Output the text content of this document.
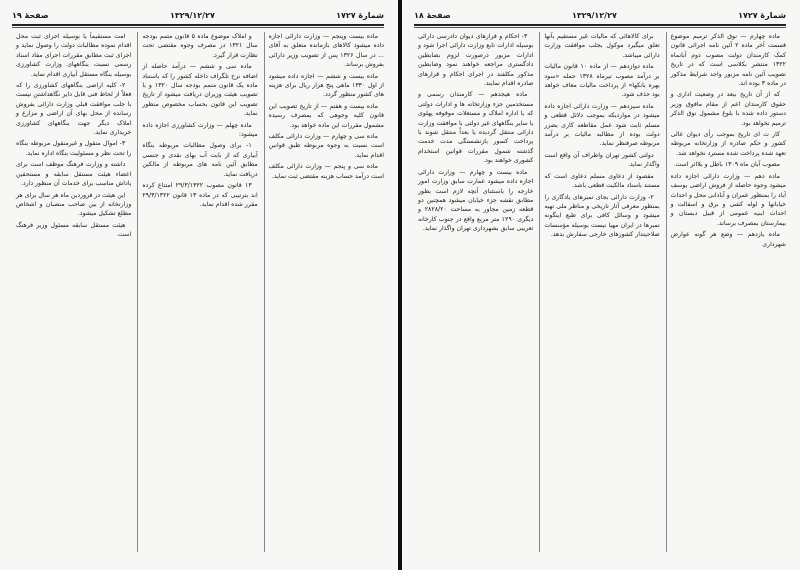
شمارهٔ ۱۷۲۷
۱۳۲۹/۱۲/۲۷
صفحهٔ ۱۹

ماده بیست وپنجم — وزارت دارائی اجازه داده میشود کالاهای بازمانده متعلق به آقای ... در سال ۱۳۲۶ پس از تصویب وزیر دارائی بفروش برساند.

ماده بیست و ششم — اجازه داده میشود از اول ۱۳۳۰ ماهی پنج هزار ریال برای هزینه های کشور منظور گردد.

ماده بیست و هفتم — از تاریخ تصویب این قانون کلیه وجوهی که بمصرف رسیده مشمول مقررات این ماده خواهد بود.

ماده سی و چهارم — وزارت دارائی مکلف است نسبت به وجوه مربوطه طبق قوانین اقدام نماید.

ماده سی و پنجم — وزارت دارائی مکلف است درآمد حساب هزینه مقتضی ثبت نماید.

و املاک موضوع ماده ۵ قانون متمم بودجه سال ۱۳۲۱ در مصرف وجوه مقتضی تحت نظارت قرار گیرد.

ماده سی و ششم — درآمد حاصله از اضافه نرخ تلگراف داخله کشور را که باستناد ماده یک قانون متمم بودجه سال ۱۳۲۰ و با تصویب هیئت وزیران دریافت میشود از تاریخ تصویب این قانون بحساب مخصوص منظور نماید.

ماده چهلم — وزارت کشاورزی اجازه داده میشود:

۱- برای وصول مطالبات مربوطه بنگاه آبیاری که از بابت آب بهای نقدی و جنسی مطابق آئین نامه های مربوطه از مالکین دریافت نماید.

۱۳ قانون مصوب ۲۹/۳/۱۳۲۲ امتناع کرده اند بترتیبی که در ماده ۱۳ قانون ۲۹/۳/۱۳۲۲ مقرر شده اقدام نماید.

امت مستقیماً یا بوسیله اجرای ثبت محل اقدام نموده مطالبات دولت را وصول نماید و اجرای ثبت مطابق مقررات اجرای مفاد اسناد رسمی نسبت بنگاههای وزارت کشاورزی بوسیله بنگاه مستقل آبیاری اقدام نماید.

۲- کلیه اراضی بنگاههای کشاورزی را که فعلاً از لحاظ فنی قابل دایر نگاهداشتن نیست با جلب موافقت قبلی وزارت دارائی بفروش رسانده از محل بهای آن اراضی و مزارع و املاک دیگر جهت بنگاههای کشاورزی خریداری نماید.

۳- اموال منقول و غیرمنقول مربوطه بنگاه را تحت نظر و مسئولیت بنگاه اداره نماید.

داشته و وزارت فرهنگ موظف است برای اعضاء هیئت مستقل سابقه و مستحقین پاداش مناسب برای خدمات آن منظور دارد.

این هیئت در فروردین ماه هر سال برای هر وزارتخانه از بین صاحب منصبان و اشخاص مطلع تشکیل میشود.

هیئت مستقل سابقه مسئول وزیر فرهنگ است.

شمارهٔ ۱۷۲۷
۱۳۲۹/۱۲/۲۷
صفحهٔ ۱۸

ماده چهارم — نوق الذکر ترمیم موضوع قسمت آخر ماده ۲ آئین نامه اجرائی قانون کمک کارمندان دولت مصوب دوم آبانماه ۱۳۲۲ منتشر بکلاسی است که در تاریخ تصویب آئین نامه مزبور واجد شرایط مذکور در ماده ۳ بوده اند.

که از آن تاریخ ببعد در وضعیت اداری و حقوق کارمندان اعم از مقام مافوق وزیر دستور داده شده با بلوغ مشمول نوق الذکر ترمیم نخواهد بود.

کار ت ای تاریخ بموجب رأی دیوان عالی کشور و حکم صادره از وزارتخانه مربوطه تعهد شده پرداخت شده مسترد نخواهد شد.

مصوب آبان ماه ۱۳۰۹ باطل و بلااثر است.

ماده دهم — وزارت دارائی اجازه داده میشود وجوه حاصله از فروش اراضی یوسف آباد را بمنظور عمران و آبادانی محل و احداث خیابانها و لوله کشی و برق و اسفالت و احداث ابنیه عمومی از قبیل دبستان و بیمارستان بمصرف برساند.

ماده یازدهم — وضع هر گونه عوارض شهرداری

برای کالاهائی که مالیات غیر مستقیم بآنها تعلق میگیرد موکول بجلب موافقت وزارت دارائی میباشد.

ماده دوازدهم — از ماده ۱۰ قانون مالیات بر درآمد مصوب تیرماه ۱۳۲۸ جمله «سود بهره بانکها» از پرداخت مالیات معاف خواهد بود حذف شود.

ماده سیزدهم — وزارت دارائی اجازه داده میشود در مواردیکه بموجب دلائل قطعی و مسلم ثابت شود عمل مقاطعه کاری بضرر دولت بوده از مطالبه مالیات بر درآمد مربوطه صرفنظر نماید.

دولتی کشور تهران واطراف آن واقع است واگذار نماید.

مقصود از دعاوی مسلم دعاوی است که مستند باسناد مالکیت قطعی باشد.

۲- وزارت دارائی بجای تمبرهای یادگاری را بمنظور معرفی آثار تاریخی و مناظر ملی تهیه میشود و وسائل کافی برای طبع اینگونه تمبرها در ایران مهیا نیست بوسیله مؤسسات صلاحیتدار کشورهای خارجی سفارش بدهد.

۳- احکام و قرارهای دیوان دادرسی دارائی بوسیله ادارات تابع وزارت دارائی اجرا شود و ادارات مزبور درصورت لزوم بضابطین دادگستری مراجعه خواهند نمود وضابطین مذکور مکلفند در اجرای احکام و قرارهای صادره اقدام نمایند.

ماده هیجدهم — کارمندان رسمی و مستخدمین جزء وزارتخانه ها و ادارات دولتی که با اداره املاک و مستغلات موقوفه پهلوی یا سایر بنگاههای غیر دولتی با موافقت وزارت دارائی منتقل گردیده یا بعداً منتقل شوند با پرداخت کسور بازنشستگی مدت خدمت گذشته شمول مقررات قوانین استخدام کشوری خواهند بود.

ماده بیست و چهارم — وزارت دارائی اجازه داده میشود عمارت سابق وزارت امور خارجه را باستثنای آنچه لازم است بطور مطابق نقشه جزء خیابان میشود همچنین دو قطعه زمین مجاور به مساحت ۲۸۲۸/۲۰ و دیگری ۱۲۹۰ متر مربع واقع در جنوب کارخانه تعریبی سابق بشهرداری تهران واگذار نماید.
